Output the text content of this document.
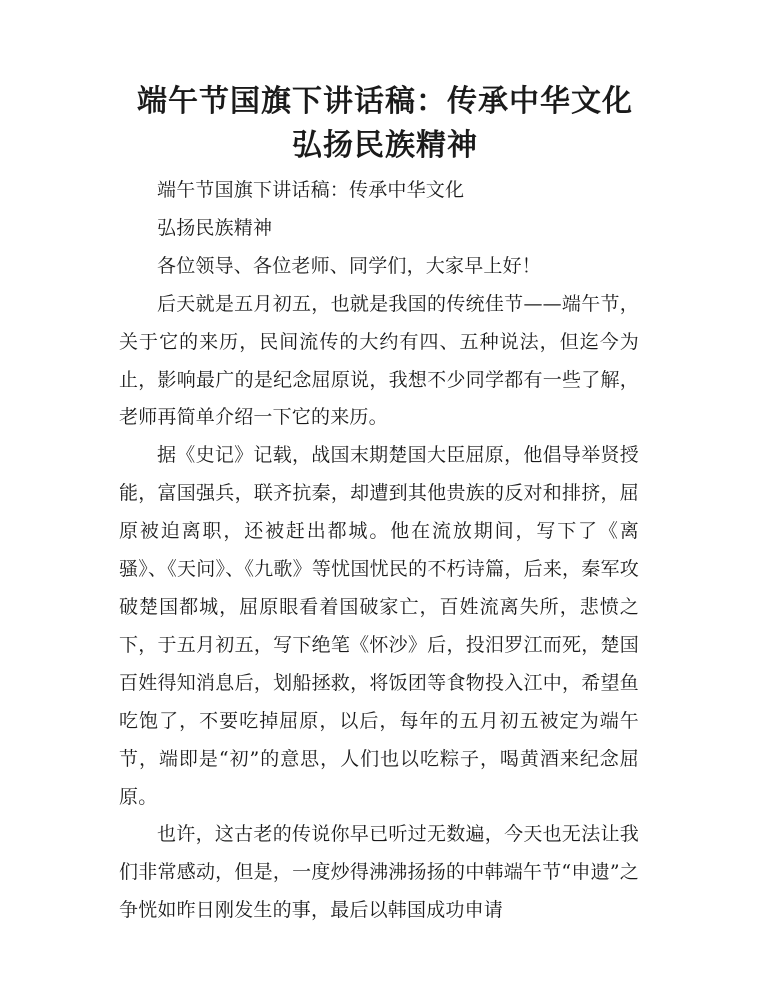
端午节国旗下讲话稿：传承中华文化
弘扬民族精神

端午节国旗下讲话稿：传承中华文化

弘扬民族精神

各位领导、各位老师、同学们，大家早上好！

后天就是五月初五，也就是我国的传统佳节——端午节，关于它的来历，民间流传的大约有四、五种说法，但迄今为止，影响最广的是纪念屈原说，我想不少同学都有一些了解，老师再简单介绍一下它的来历。

据《史记》记载，战国末期楚国大臣屈原，他倡导举贤授能，富国强兵，联齐抗秦，却遭到其他贵族的反对和排挤，屈原被迫离职，还被赶出都城。他在流放期间，写下了《离骚》、《天问》、《九歌》等忧国忧民的不朽诗篇，后来，秦军攻破楚国都城，屈原眼看着国破家亡，百姓流离失所，悲愤之下，于五月初五，写下绝笔《怀沙》后，投汨罗江而死，楚国百姓得知消息后，划船拯救，将饭团等食物投入江中，希望鱼吃饱了，不要吃掉屈原，以后，每年的五月初五被定为端午节，端即是“初”的意思，人们也以吃粽子，喝黄酒来纪念屈原。

也许，这古老的传说你早已听过无数遍，今天也无法让我们非常感动，但是，一度炒得沸沸扬扬的中韩端午节“申遗”之争恍如昨日刚发生的事，最后以韩国成功申请
